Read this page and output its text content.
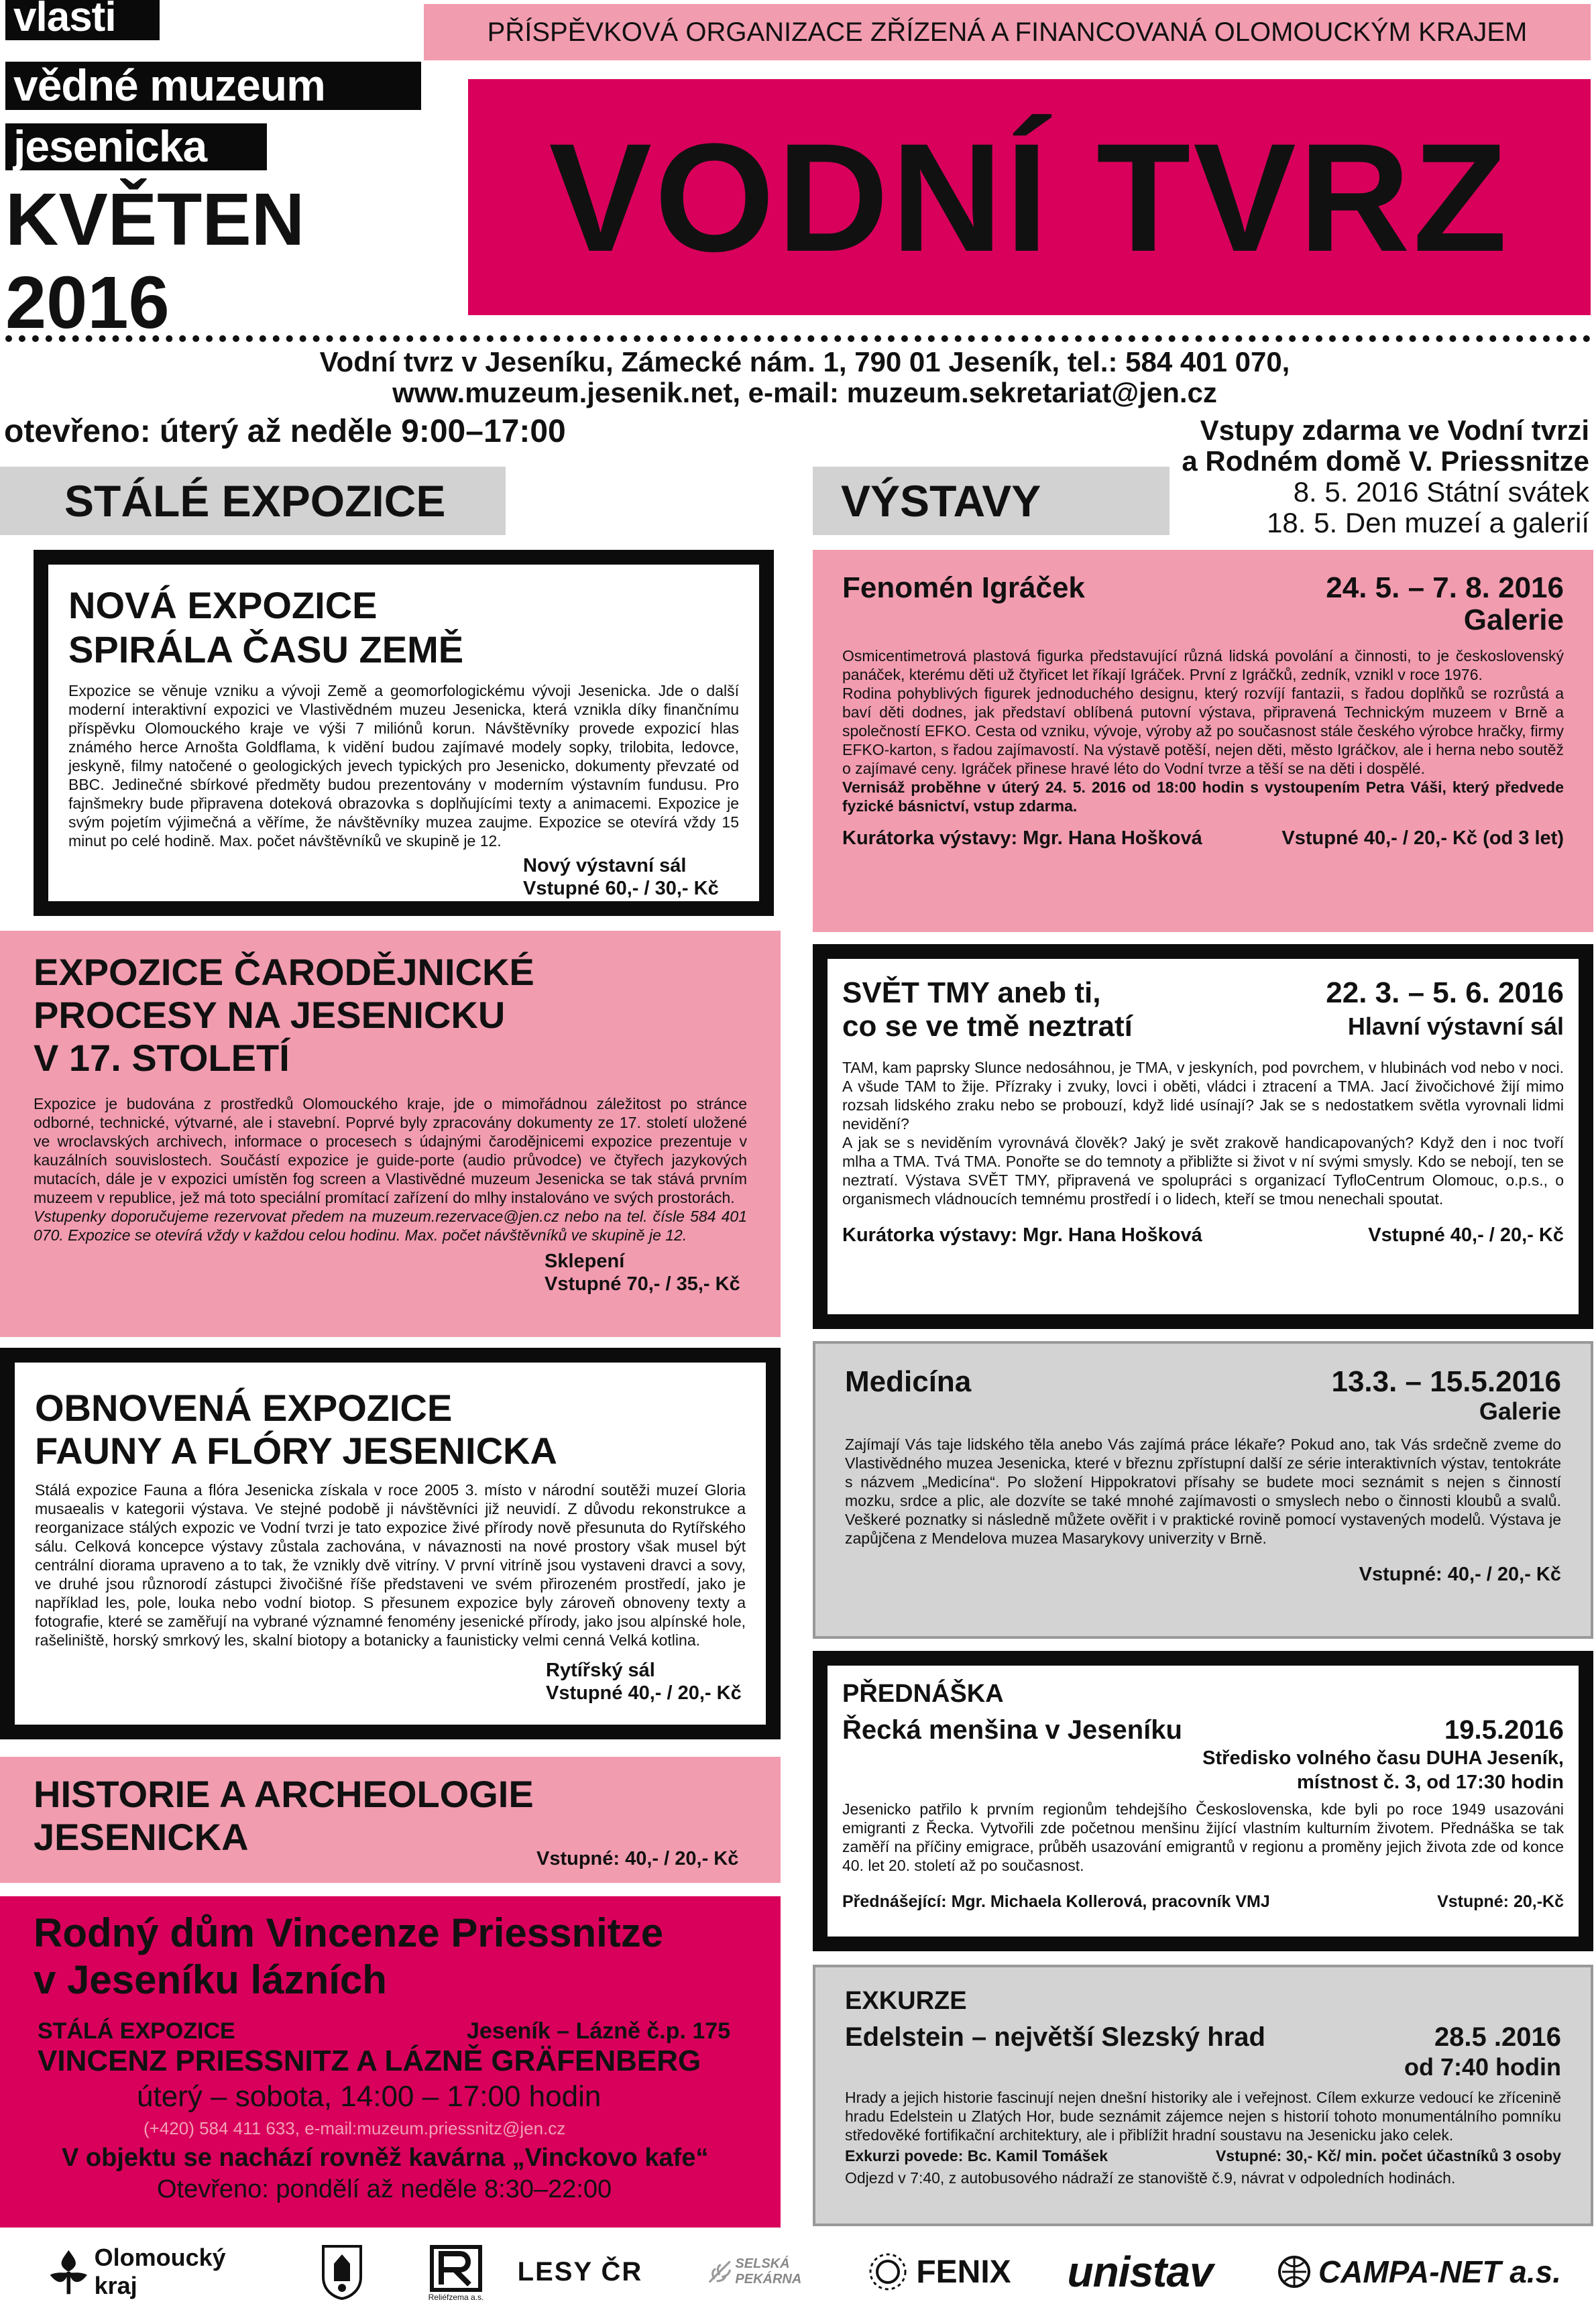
vlasti
vědné muzeum
jesenicka
KVĚTEN
2016
PŘÍSPĚVKOVÁ ORGANIZACE ZŘÍZENÁ A FINANCOVANÁ OLOMOUCKÝM KRAJEM
VODNÍ TVRZ
Vodní tvrz v Jeseníku, Zámecké nám. 1, 790 01 Jeseník, tel.: 584 401 070,
www.muzeum.jesenik.net, e-mail: muzeum.sekretariat@jen.cz
otevřeno: úterý až neděle 9:00–17:00	Vstupy zdarma ve Vodní tvrzi
a Rodném domě V. Priessnitze
8. 5. 2016 Státní svátek
18. 5. Den muzeí a galerií
STÁLÉ EXPOZICE	VÝSTAVY
NOVÁ EXPOZICE
SPIRÁLA ČASU ZEMĚ

Expozice se věnuje vzniku a vývoji Země a geomorfologickému vývoji Jesenicka. Jde o další moderní interaktivní expozici ve Vlastivědném muzeu Jesenicka, která vznikla díky finančnímu příspěvku Olomouckého kraje ve výši 7 miliónů korun. Návštěvníky provede expozicí hlas známého herce Arnošta Goldflama, k vidění budou zajímavé modely sopky, trilobita, ledovce, jeskyně, filmy natočené o geologických jevech typických pro Jesenicko, dokumenty převzaté od BBC. Jedinečné sbírkové předměty budou prezentovány v moderním výstavním fundusu. Pro fajnšmekry bude připravena doteková obrazovka s doplňujícími texty a animacemi. Expozice je svým pojetím výjimečná a věříme, že návštěvníky muzea zaujme. Expozice se otevírá vždy 15 minut po celé hodině. Max. počet návštěvníků ve skupině je 12.

Nový výstavní sál
Vstupné 60,- / 30,- Kč
EXPOZICE ČARODĚJNICKÉ
PROCESY NA JESENICKU
V 17. STOLETÍ

Expozice je budována z prostředků Olomouckého kraje, jde o mimořádnou záležitost po stránce odborné, technické, výtvarné, ale i stavební. Poprvé byly zpracovány dokumenty ze 17. století uložené ve wroclavských archivech, informace o procesech s údajnými čarodějnicemi expozice prezentuje v kauzálních souvislostech. Součástí expozice je guide-porte (audio průvodce) ve čtyřech jazykových mutacích, dále je v expozici umístěn fog screen a Vlastivědné muzeum Jesenicka se tak stává prvním muzeem v republice, jež má toto speciální promítací zařízení do mlhy instalováno ve svých prostorách.

Vstupenky doporučujeme rezervovat předem na muzeum.rezervace@jen.cz nebo na tel. čísle 584 401 070. Expozice se otevírá vždy v každou celou hodinu. Max. počet návštěvníků ve skupině je 12.

Sklepení
Vstupné 70,- / 35,- Kč
OBNOVENÁ EXPOZICE
FAUNY A FLÓRY JESENICKA

Stálá expozice Fauna a flóra Jesenicka získala v roce 2005 3. místo v národní soutěži muzeí Gloria musaealis v kategorii výstava. Ve stejné podobě ji návštěvníci již neuvidí. Z důvodu rekonstrukce a reorganizace stálých expozic ve Vodní tvrzi je tato expozice živé přírody nově přesunuta do Rytířského sálu. Celková koncepce výstavy zůstala zachována, v návaznosti na nové prostory však musel být centrální diorama upraveno a to tak, že vznikly dvě vitríny. V první vitríně jsou vystaveni dravci a sovy, ve druhé jsou různorodí zástupci živočišné říše představeni ve svém přirozeném prostředí, jako je například les, pole, louka nebo vodní biotop. S přesunem expozice byly zároveň obnoveny texty a fotografie, které se zaměřují na vybrané významné fenomény jesenické přírody, jako jsou alpínské hole, rašeliniště, horský smrkový les, skalní biotopy a botanicky a faunisticky velmi cenná Velká kotlina.

Rytířský sál
Vstupné 40,- / 20,- Kč
HISTORIE A ARCHEOLOGIE
JESENICKA
Vstupné: 40,- / 20,- Kč
Rodný dům Vincenze Priessnitze
v Jeseníku lázních
STÁLÁ EXPOZICE	Jeseník – Lázně č.p. 175
VINCENZ PRIESSNITZ A LÁZNĚ GRÄFENBERG
úterý – sobota, 14:00 – 17:00 hodin
(+420) 584 411 633, e-mail:muzeum.priessnitz@jen.cz
V objektu se nachází rovněž kavárna „Vinckovo kafe“
Otevřeno: pondělí až neděle 8:30–22:00
Fenomén Igráček	24. 5. – 7. 8. 2016
Galerie

Osmicentimetrová plastová figurka představující různá lidská povolání a činnosti, to je československý panáček, kterému děti už čtyřicet let říkají Igráček. První z Igráčků, zedník, vznikl v roce 1976.

Rodina pohyblivých figurek jednoduchého designu, který rozvíjí fantazii, s řadou doplňků se rozrůstá a baví děti dodnes, jak představí oblíbená putovní výstava, připravená Technickým muzeem v Brně a společností EFKO. Cesta od vzniku, vývoje, výroby až po současnost stále českého výrobce hračky, firmy EFKO-karton, s řadou zajímavostí. Na výstavě potěší, nejen děti, město Igráčkov, ale i herna nebo soutěž o zajímavé ceny. Igráček přinese hravé léto do Vodní tvrze a těší se na děti i dospělé.

Vernisáž proběhne v úterý 24. 5. 2016 od 18:00 hodin s vystoupením Petra Váši, který předvede fyzické básnictví, vstup zdarma.

Kurátorka výstavy: Mgr. Hana Hošková	Vstupné 40,- / 20,- Kč (od 3 let)
SVĚT TMY aneb ti,
co se ve tmě neztratí
22. 3. – 5. 6. 2016
Hlavní výstavní sál

TAM, kam paprsky Slunce nedosáhnou, je TMA, v jeskyních, pod povrchem, v hlubinách vod nebo v noci. A všude TAM to žije. Přízraky i zvuky, lovci i oběti, vládci i ztracení a TMA. Jací živočichové žijí mimo rozsah lidského zraku nebo se probouzí, když lidé usínají? Jak se s nedostatkem světla vyrovnali lidmi nevidění?

A jak se s neviděním vyrovnává člověk? Jaký je svět zrakově handicapovaných? Když den i noc tvoří mlha a TMA. Tvá TMA. Ponořte se do temnoty a přibližte si život v ní svými smysly. Kdo se nebojí, ten se neztratí. Výstava SVĚT TMY, připravená ve spolupráci s organizací TyfloCentrum Olomouc, o.p.s., o organismech vládnoucích temnému prostředí i o lidech, kteří se tmou nenechali spoutat.

Kurátorka výstavy: Mgr. Hana Hošková	Vstupné 40,- / 20,- Kč
Medicína	13.3. – 15.5.2016
Galerie

Zajímají Vás taje lidského těla anebo Vás zajímá práce lékaře? Pokud ano, tak Vás srdečně zveme do Vlastivědného muzea Jesenicka, které v březnu zpřístupní další ze série interaktivních výstav, tentokráte s názvem „Medicína“. Po složení Hippokratovi přísahy se budete moci seznámit s nejen s činností mozku, srdce a plic, ale dozvíte se také mnohé zajímavosti o smyslech nebo o činnosti kloubů a svalů. Veškeré poznatky si následně můžete ověřit i v praktické rovině pomocí vystavených modelů. Výstava je zapůjčena z Mendelova muzea Masarykovy univerzity v Brně.

Vstupné: 40,- / 20,- Kč
PŘEDNÁŠKA
Řecká menšina v Jeseníku	19.5.2016
Středisko volného času DUHA Jeseník,
místnost č. 3, od 17:30 hodin

Jesenicko patřilo k prvním regionům tehdejšího Československa, kde byli po roce 1949 usazováni emigranti z Řecka. Vytvořili zde početnou menšinu žijící vlastním kulturním životem. Přednáška se tak zaměří na příčiny emigrace, průběh usazování emigrantů v regionu a proměny jejich života zde od konce 40. let 20. století až po současnost.

Přednášející: Mgr. Michaela Kollerová, pracovník VMJ	Vstupné: 20,-Kč
EXKURZE
Edelstein – největší Slezský hrad	28.5 .2016
od 7:40 hodin

Hrady a jejich historie fascinují nejen dnešní historiky ale i veřejnost. Cílem exkurze vedoucí ke zřícenině hradu Edelstein u Zlatých Hor, bude seznámit zájemce nejen s historií tohoto monumentálního pomníku středověké fortifikační architektury, ale i přiblížit hradní soustavu na Jesenicku jako celek.

Exkurzi povede: Bc. Kamil Tomášek	Vstupné: 30,- Kč/ min. počet účastníků 3 osoby

Odjezd v 7:40, z autobusového nádraží ze stanoviště č.9, návrat v odpoledních hodinách.

Olomoucký kraj	Reliéfzema a.s.
LESY ČR	SELSKÁ PEKÁRNA	FENIX unistav	CAMPA-NET a.s.
